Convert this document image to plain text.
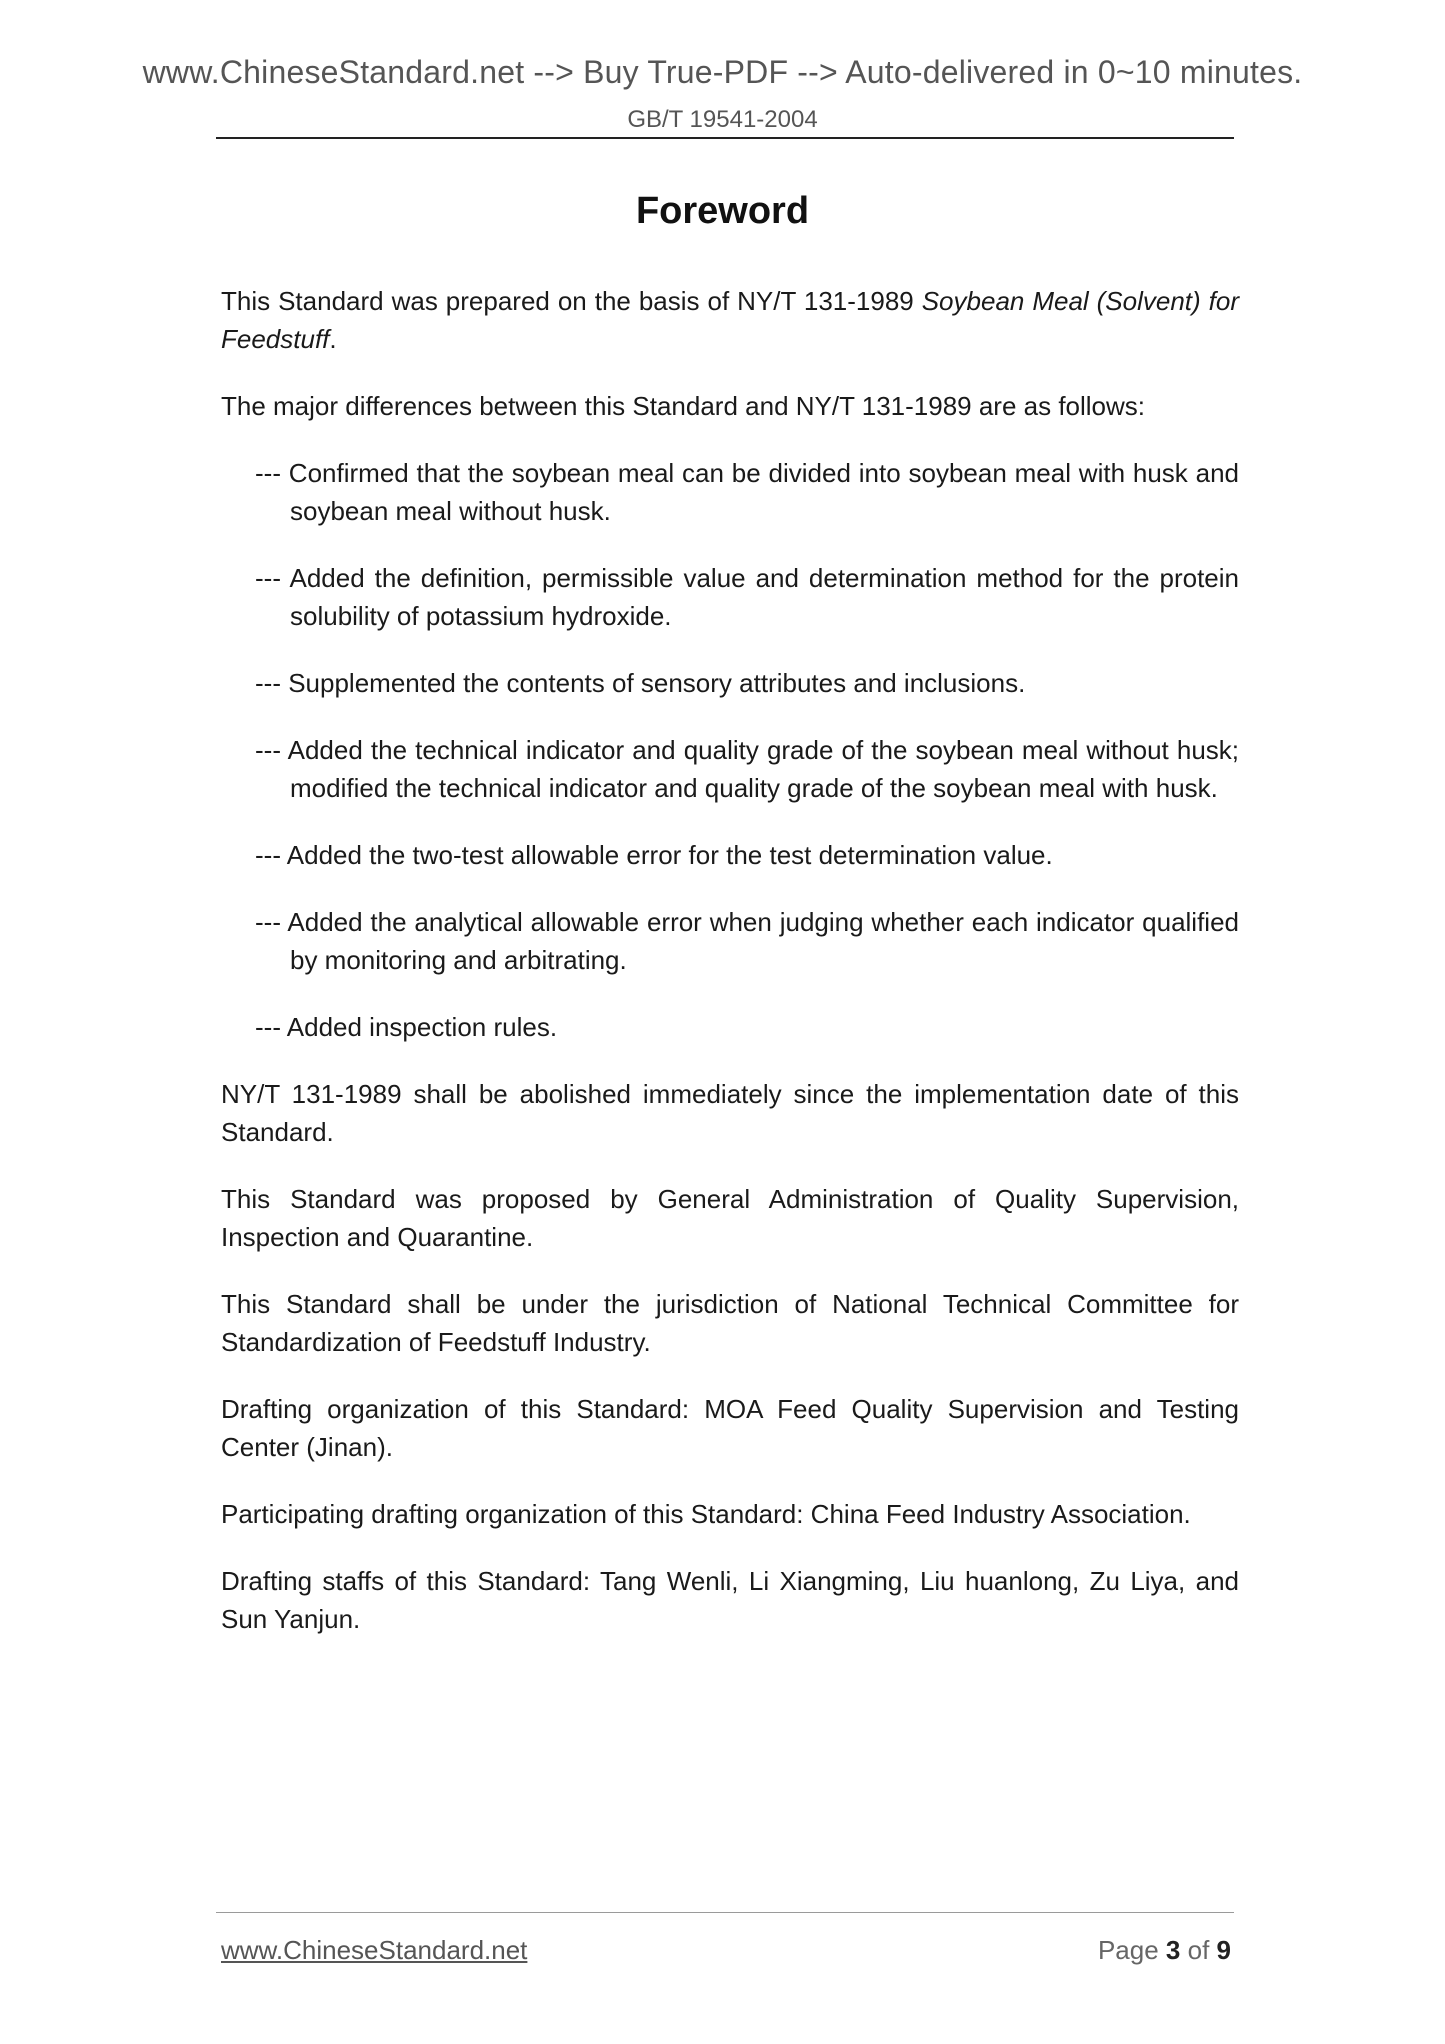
www.ChineseStandard.net --> Buy True-PDF --> Auto-delivered in 0~10 minutes.
GB/T 19541-2004
Foreword

This Standard was prepared on the basis of NY/T 131-1989 Soybean Meal (Solvent) for Feedstuff.

The major differences between this Standard and NY/T 131-1989 are as follows:

--- Confirmed that the soybean meal can be divided into soybean meal with husk and soybean meal without husk.

--- Added the definition, permissible value and determination method for the protein solubility of potassium hydroxide.

--- Supplemented the contents of sensory attributes and inclusions.

--- Added the technical indicator and quality grade of the soybean meal without husk; modified the technical indicator and quality grade of the soybean meal with husk.

--- Added the two-test allowable error for the test determination value.

--- Added the analytical allowable error when judging whether each indicator qualified by monitoring and arbitrating.

--- Added inspection rules.

NY/T 131-1989 shall be abolished immediately since the implementation date of this Standard.

This Standard was proposed by General Administration of Quality Supervision, Inspection and Quarantine.

This Standard shall be under the jurisdiction of National Technical Committee for Standardization of Feedstuff Industry.

Drafting organization of this Standard: MOA Feed Quality Supervision and Testing Center (Jinan).

Participating drafting organization of this Standard: China Feed Industry Association.

Drafting staffs of this Standard: Tang Wenli, Li Xiangming, Liu huanlong, Zu Liya, and Sun Yanjun.

www.ChineseStandard.net	Page 3 of 9
